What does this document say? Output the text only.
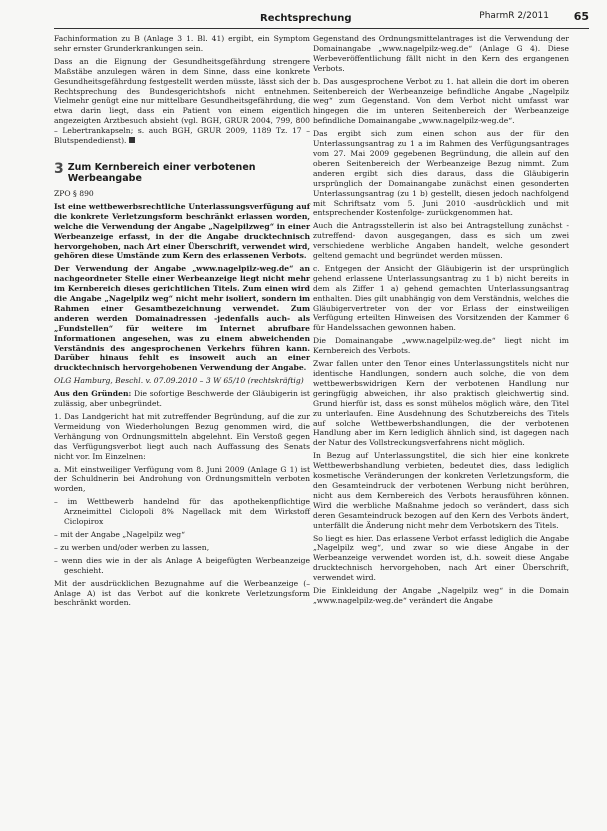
Rechtsprechung	PharmR 2/2011 65

Fachinformation zu B (Anlage 3 1. Bl. 41) ergibt, ein Symptom sehr ernster Grunderkrankungen sein.

Dass an die Eignung der Gesundheitsgefährdung strengere Maßstäbe anzulegen wären in dem Sinne, dass eine konkrete Gesundheitsgefährdung festgestellt werden müsste, lässt sich der Rechtsprechung des Bundesgerichtshofs nicht entnehmen. Vielmehr genügt eine nur mittelbare Gesundheitsgefährdung, die etwa darin liegt, dass ein Patient von einem eigentlich angezeigten Arztbesuch absieht (vgl. BGH, GRUR 2004, 799, 800 – Lebertrankapseln; s. auch BGH, GRUR 2009, 1189 Tz. 17 – Blutspendedienst).

3 Zum Kernbereich einer verbotenen Werbeangabe

ZPO § 890

Ist eine wettbewerbsrechtliche Unterlassungsverfügung auf die konkrete Verletzungsform beschränkt erlassen worden, welche die Verwendung der Angabe „Nagelpilzweg“ in einer Werbeanzeige erfasst, in der die Angabe drucktechnisch hervorgehoben, nach Art einer Überschrift, verwendet wird, gehören diese Umstände zum Kern des erlassenen Verbots.

Der Verwendung der Angabe „www.nagelpilz-weg.de“ an nachgeordneter Stelle einer Werbeanzeige liegt nicht mehr im Kernbereich dieses gerichtlichen Titels. Zum einen wird die Angabe „Nagelpilz weg“ nicht mehr isoliert, sondern im Rahmen einer Gesamtbezeichnung verwendet. Zum anderen werden Domainadressen -jedenfalls auch- als „Fundstellen“ für weitere im Internet abrufbare Informationen angesehen, was zu einem abweichenden Verständnis des angesprochenen Verkehrs führen kann. Darüber hinaus fehlt es insoweit auch an einer drucktechnisch hervorgehobenen Verwendung der Angabe.

OLG Hamburg, Beschl. v. 07.09.2010 – 3 W 65/10 (rechtskräftig)

Aus den Gründen: Die sofortige Beschwerde der Gläubigerin ist zulässig, aber unbegründet.

1. Das Landgericht hat mit zutreffender Begründung, auf die zur Vermeidung von Wiederholungen Bezug genommen wird, die Verhängung von Ordnungsmitteln abgelehnt. Ein Verstoß gegen das Verfügungsverbot liegt auch nach Auffassung des Senats nicht vor. Im Einzelnen:

a. Mit einstweiliger Verfügung vom 8. Juni 2009 (Anlage G 1) ist der Schuldnerin bei Androhung von Ordnungsmitteln verboten worden,

– im Wettbewerb handelnd für das apothekenpflichtige Arzneimittel Ciclopoli 8% Nagellack mit dem Wirkstoff Ciclopirox

– mit der Angabe „Nagelpilz weg“

– zu werben und/oder werben zu lassen,

– wenn dies wie in der als Anlage A beigefügten Werbeanzeige geschieht.

Mit der ausdrücklichen Bezugnahme auf die Werbeanzeige (– Anlage A) ist das Verbot auf die konkrete Verletzungsform beschränkt worden.

Gegenstand des Ordnungsmittelantrages ist die Verwendung der Domainangabe „www.nagelpilz-weg.de“ (Anlage G 4). Diese Werbeveröffentlichung fällt nicht in den Kern des ergangenen Verbots.

b. Das ausgesprochene Verbot zu 1. hat allein die dort im oberen Seitenbereich der Werbeanzeige befindliche Angabe „Nagelpilz weg“ zum Gegenstand. Von dem Verbot nicht umfasst war hingegen die im unteren Seitenbereich der Werbeanzeige befindliche Domainangabe „www.nagelpilz-weg.de“.

Das ergibt sich zum einen schon aus der für den Unterlassungsantrag zu 1 a im Rahmen des Verfügungsantrages vom 27. Mai 2009 gegebenen Begründung, die allein auf den oberen Seitenbereich der Werbeanzeige Bezug nimmt. Zum anderen ergibt sich dies daraus, dass die Gläubigerin ursprünglich der Domainangabe zunächst einen gesonderten Unterlassungsantrag (zu 1 b) gestellt, diesen jedoch nachfolgend mit Schriftsatz vom 5. Juni 2010 -ausdrücklich und mit entsprechender Kostenfolge- zurückgenommen hat.

Auch die Antragsstellerin ist also bei Antragstellung zunächst -zutreffend- davon ausgegangen, dass es sich um zwei verschiedene werbliche Angaben handelt, welche gesondert geltend gemacht und begründet werden müssen.

c. Entgegen der Ansicht der Gläubigerin ist der ursprünglich gehend erlassene Unterlassungsantrag zu 1 b) nicht bereits in dem als Ziffer 1 a) gehend gemachten Unterlassungsantrag enthalten. Dies gilt unabhängig von dem Verständnis, welches die Gläubigervertreter von der vor Erlass der einstweiligen Verfügung erteilten Hinweisen des Vorsitzenden der Kammer 6 für Handelssachen gewonnen haben.

Die Domainangabe „www.nagelpilz-weg.de“ liegt nicht im Kernbereich des Verbots.

Zwar fallen unter den Tenor eines Unterlassungstitels nicht nur identische Handlungen, sondern auch solche, die von dem wettbewerbswidrigen Kern der verbotenen Handlung nur geringfügig abweichen, ihr also praktisch gleichwertig sind. Grund hierfür ist, dass es sonst mühelos möglich wäre, den Titel zu unterlaufen. Eine Ausdehnung des Schutzbereichs des Titels auf solche Wettbewerbshandlungen, die der verbotenen Handlung aber im Kern lediglich ähnlich sind, ist dagegen nach der Natur des Vollstreckungsverfahrens nicht möglich.

In Bezug auf Unterlassungstitel, die sich hier eine konkrete Wettbewerbshandlung verbieten, bedeutet dies, dass lediglich kosmetische Veränderungen der konkreten Verletzungsform, die den Gesamteindruck der verbotenen Werbung nicht berühren, nicht aus dem Kernbereich des Verbots herausführen können. Wird die werbliche Maßnahme jedoch so verändert, dass sich deren Gesamteindruck bezogen auf den Kern des Verbots ändert, unterfällt die Änderung nicht mehr dem Verbotskern des Titels.

So liegt es hier. Das erlassene Verbot erfasst lediglich die Angabe „Nagelpilz weg“, und zwar so wie diese Angabe in der Werbeanzeige verwendet worden ist, d.h. soweit diese Angabe drucktechnisch hervorgehoben, nach Art einer Überschrift, verwendet wird.

Die Einkleidung der Angabe „Nagelpilz weg“ in die Domain „www.nagelpilz-weg.de“ verändert die Angabe
